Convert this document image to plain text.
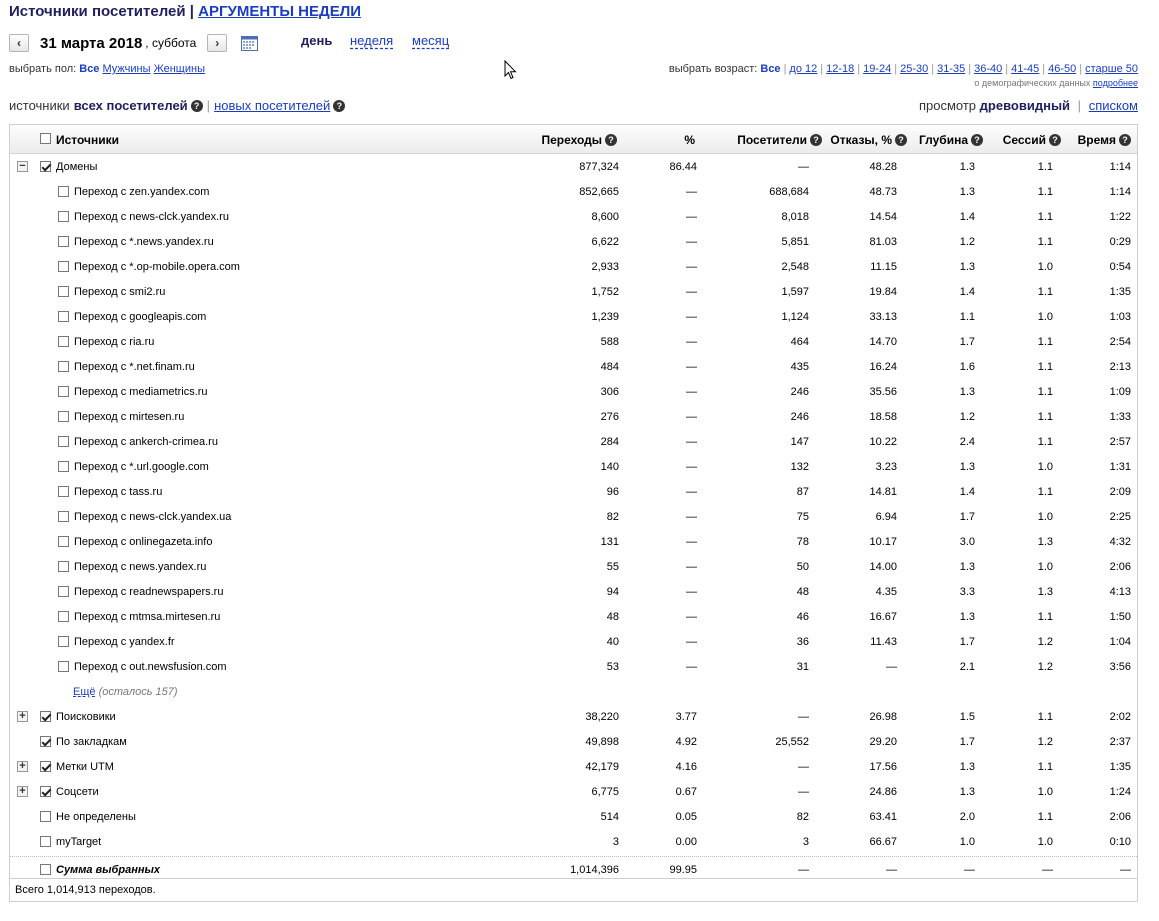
Источники посетителей | АРГУМЕНТЫ НЕДЕЛИ
‹	31 марта 2018 , суббота	›	день неделя месяц
выбрать пол: Все Мужчины Женщины	выбрать возраст: Все | до 12 | 12-18 | 19-24 | 25-30 | 31-35 | 36-40 | 41-45 | 46-50 | старше 50
о демографических данных подробнее
источники всех посетителей ? | новых посетителей ?	просмотр древовидный | списком
Источники	Переходы ?	%	Посетители ? Отказы, % ? Глубина ? Сессий ? Время ?
−	Домены	877,324	86.44	—	48.28	1.3	1.1	1:14
Переход с zen.yandex.com	852,665	—	688,684	48.73	1.3	1.1	1:14
Переход с news-clck.yandex.ru	8,600	—	8,018	14.54	1.4	1.1	1:22
Переход с *.news.yandex.ru	6,622	—	5,851	81.03	1.2	1.1	0:29
Переход с *.op-mobile.opera.com	2,933	—	2,548	11.15	1.3	1.0	0:54
Переход с smi2.ru	1,752	—	1,597	19.84	1.4	1.1	1:35
Переход с googleapis.com	1,239	—	1,124	33.13	1.1	1.0	1:03
Переход с ria.ru	588	—	464	14.70	1.7	1.1	2:54
Переход с *.net.finam.ru	484	—	435	16.24	1.6	1.1	2:13
Переход с mediametrics.ru	306	—	246	35.56	1.3	1.1	1:09
Переход с mirtesen.ru	276	—	246	18.58	1.2	1.1	1:33
Переход с ankerch-crimea.ru	284	—	147	10.22	2.4	1.1	2:57
Переход с *.url.google.com	140	—	132	3.23	1.3	1.0	1:31
Переход с tass.ru	96	—	87	14.81	1.4	1.1	2:09
Переход с news-clck.yandex.ua	82	—	75	6.94	1.7	1.0	2:25
Переход с onlinegazeta.info	131	—	78	10.17	3.0	1.3	4:32
Переход с news.yandex.ru	55	—	50	14.00	1.3	1.0	2:06
Переход с readnewspapers.ru	94	—	48	4.35	3.3	1.3	4:13
Переход с mtmsa.mirtesen.ru	48	—	46	16.67	1.3	1.1	1:50
Переход с yandex.fr	40	—	36	11.43	1.7	1.2	1:04
Переход с out.newsfusion.com	53	—	31	—	2.1	1.2	3:56
Ещё (осталось 157)
+	Поисковики	38,220	3.77	—	26.98	1.5	1.1	2:02
По закладкам	49,898	4.92	25,552	29.20	1.7	1.2	2:37
+	Метки UTM	42,179	4.16	—	17.56	1.3	1.1	1:35
+	Соцсети	6,775	0.67	—	24.86	1.3	1.0	1:24
Не определены	514	0.05	82	63.41	2.0	1.1	2:06
myTarget	3	0.00	3	66.67	1.0	1.0	0:10
Сумма выбранных	1,014,396	99.95	—	—	—	—	—
Всего 1,014,913 переходов.
